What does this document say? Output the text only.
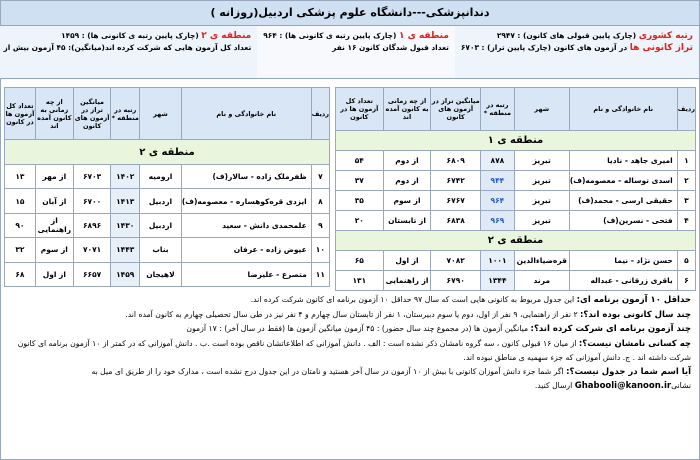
دندانپزشکی---دانشگاه علوم پزشکی اردبیل(روزانه )
رتبه کشوری (چارک پایین قبولی های کانون) : ۲۹۴۷
تراز کانونی ها در آزمون های کانون (چارک پایین تراز) : ۶۷۰۳
منطقه ی ۱ (چارک پایین رتبه ی کانونی ها) : ۹۶۴
تعداد قبول شدگان کانون ۱۶ نفر
منطقه ی ۲ (چارک پایین رتبه ی کانونی ها) : ۱۴۵۹
تعداد کل آزمون هایی که شرکت کرده اند(میانگین): ۴۵ آزمون بیش از
ردیف	نام خانوادگی و نام	شهر	رتبه در منطقه *	میانگین تراز در آزمون های کانون	از چه زمانی به کانون آمده اند	تعداد کل آزمون ها در کانون
منطقه ی ۱						
۱	امیری جاهد - نادیا	تبریز	۸۷۸	۶۸۰۹	از دوم	۵۴
۲	اسدی توساله - معصومه(ف)	تبریز	۹۴۴	۶۷۴۲	از دوم	۳۷
۳	حقیقی ارسی - محمد(ف)	تبریز	۹۶۴	۶۷۶۷	از سوم	۳۵
۴	فتحی - نسرین(ف)	تبریز	۹۶۹	۶۸۳۸	از تابستان	۲۰
منطقه ی ۲						
۵	حسن نژاد - نیما	قرەضیاءالدین	۱۰۰۱	۷۰۸۲	از اول	۶۵
۶	باقری زرقانی - عبداله	مرند	۱۳۴۴	۶۷۹۰	از راهنمایی	۱۳۱
ردیف	نام خانوادگی و نام	شهر	رتبه در منطقه *	میانگین تراز در آزمون های کانون	از چه زمانی به کانون آمده اند	تعداد کل آزمون ها در کانون
منطقه ی ۲						
۷	ظفرملک زاده - سالار(ف)	ارومیه	۱۴۰۲	۶۷۰۳	از مهر	۱۳
۸	ایزدی قرەکوهساره - معصومه(ف)	اردبیل	۱۴۱۳	۶۷۰۰	از آبان	۱۵
۹	علمحمدی دانش - سعید	اردبیل	۱۴۳۰	۶۸۹۶	از راهنمایی	۹۰
۱۰	عیوض زاده - عرفان	بناب	۱۴۴۳	۷۰۷۱	از سوم	۳۲
۱۱	متصرع - علیرضا	لاهیجان	۱۴۵۹	۶۶۵۷	از اول	۶۸

حداقل ۱۰ آزمون برنامه ای: این جدول مربوط به کانونی هایی است که سال ۹۷ حداقل ۱۰ آزمون برنامه ای کانون شرکت کرده اند.

چند سال کانونی بوده اند؟: ۲ نفر از راهنمایی، ۹ نفر از اول، دوم یا سوم دبیرستان، ۱ نفر از تابستان سال چهارم و ۴ نفر نیز در طی سال تحصیلی چهارم به کانون آمده اند.

چند آزمون برنامه ای شرکت کرده اند؟: میانگین آزمون ها (در مجموع چند سال حضور) : ۴۵ آزمون میانگین آزمون ها (فقط در سال آخر) : ۱۷ آزمون

چه کسانی نامشان نیست؟: از میان ۱۶ قبولی کانون ، سه گروه نامشان ذکر نشده است : الف . دانش آموزانی که اطلاعاتشان ناقص بوده است .ب . دانش آموزانی که در کمتر از ۱۰ آزمون برنامه ای کانون شرکت داشته اند . ج. دانش آموزانی که جزء سهمیه ی مناطق نبوده اند.

آیا اسم شما در جدول نیست؟: اگر شما جزء دانش آموزان کانونی با بیش از ۱۰ آزمون در سال آخر هستید و نامتان در این جدول درج نشده است ، مدارک خود را از طریق ای میل به نشانیGhabooli@kanoon.ir ارسال کنید.
